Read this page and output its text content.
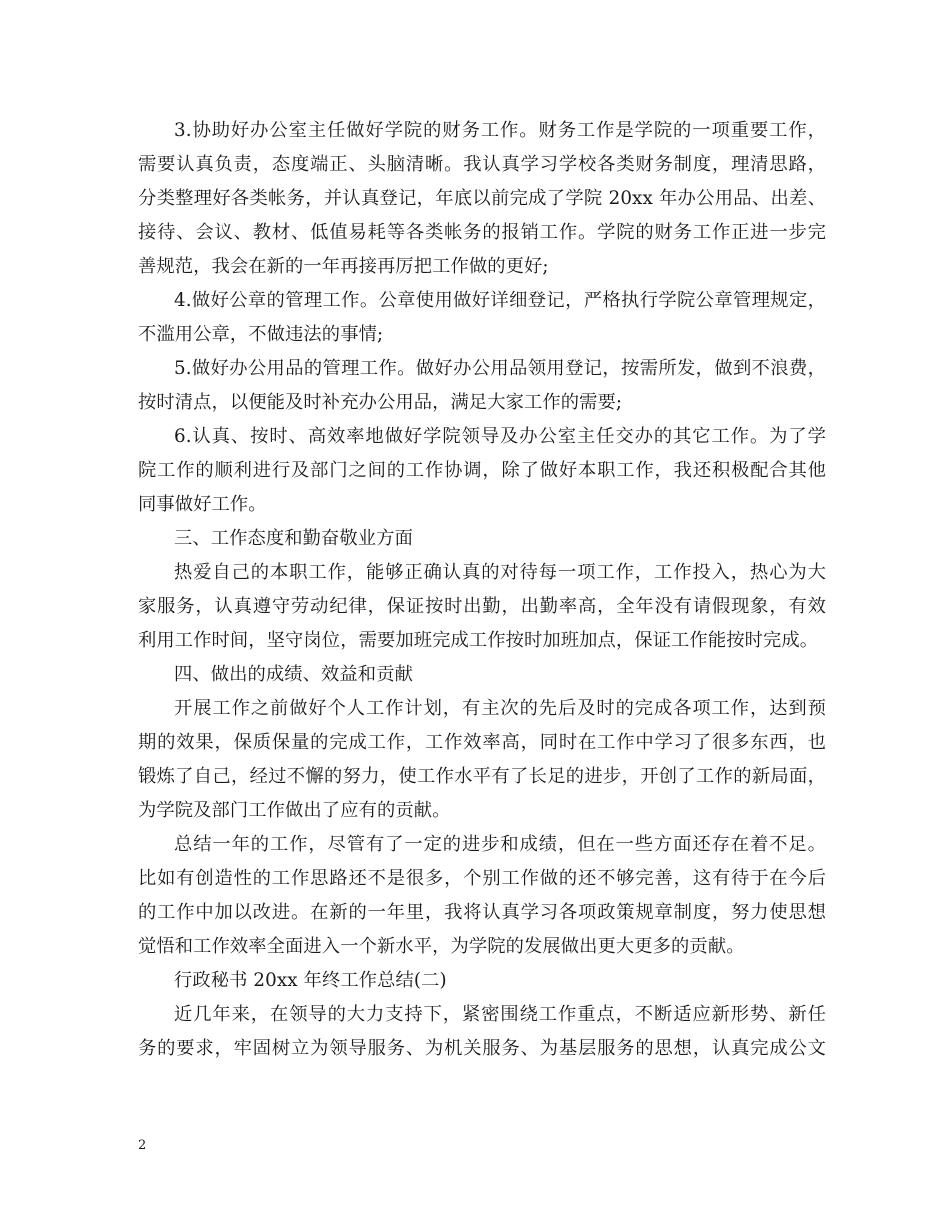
3.协助好办公室主任做好学院的财务工作。财务工作是学院的一项重要工作，
需要认真负责，态度端正、头脑清晰。我认真学习学校各类财务制度，理清思路，
分类整理好各类帐务，并认真登记，年底以前完成了学院 20xx 年办公用品、出差、
接待、会议、教材、低值易耗等各类帐务的报销工作。学院的财务工作正进一步完
善规范，我会在新的一年再接再厉把工作做的更好;
4.做好公章的管理工作。公章使用做好详细登记，严格执行学院公章管理规定，
不滥用公章，不做违法的事情;
5.做好办公用品的管理工作。做好办公用品领用登记，按需所发，做到不浪费，
按时清点，以便能及时补充办公用品，满足大家工作的需要;
6.认真、按时、高效率地做好学院领导及办公室主任交办的其它工作。为了学
院工作的顺利进行及部门之间的工作协调，除了做好本职工作，我还积极配合其他
同事做好工作。
三、工作态度和勤奋敬业方面
热爱自己的本职工作，能够正确认真的对待每一项工作，工作投入，热心为大
家服务，认真遵守劳动纪律，保证按时出勤，出勤率高，全年没有请假现象，有效
利用工作时间，坚守岗位，需要加班完成工作按时加班加点，保证工作能按时完成。
四、做出的成绩、效益和贡献
开展工作之前做好个人工作计划，有主次的先后及时的完成各项工作，达到预
期的效果，保质保量的完成工作，工作效率高，同时在工作中学习了很多东西，也
锻炼了自己，经过不懈的努力，使工作水平有了长足的进步，开创了工作的新局面，
为学院及部门工作做出了应有的贡献。
总结一年的工作，尽管有了一定的进步和成绩，但在一些方面还存在着不足。
比如有创造性的工作思路还不是很多，个别工作做的还不够完善，这有待于在今后
的工作中加以改进。在新的一年里，我将认真学习各项政策规章制度，努力使思想
觉悟和工作效率全面进入一个新水平，为学院的发展做出更大更多的贡献。
行政秘书 20xx 年终工作总结(二)
近几年来，在领导的大力支持下，紧密围绕工作重点，不断适应新形势、新任
务的要求，牢固树立为领导服务、为机关服务、为基层服务的思想，认真完成公文
2
